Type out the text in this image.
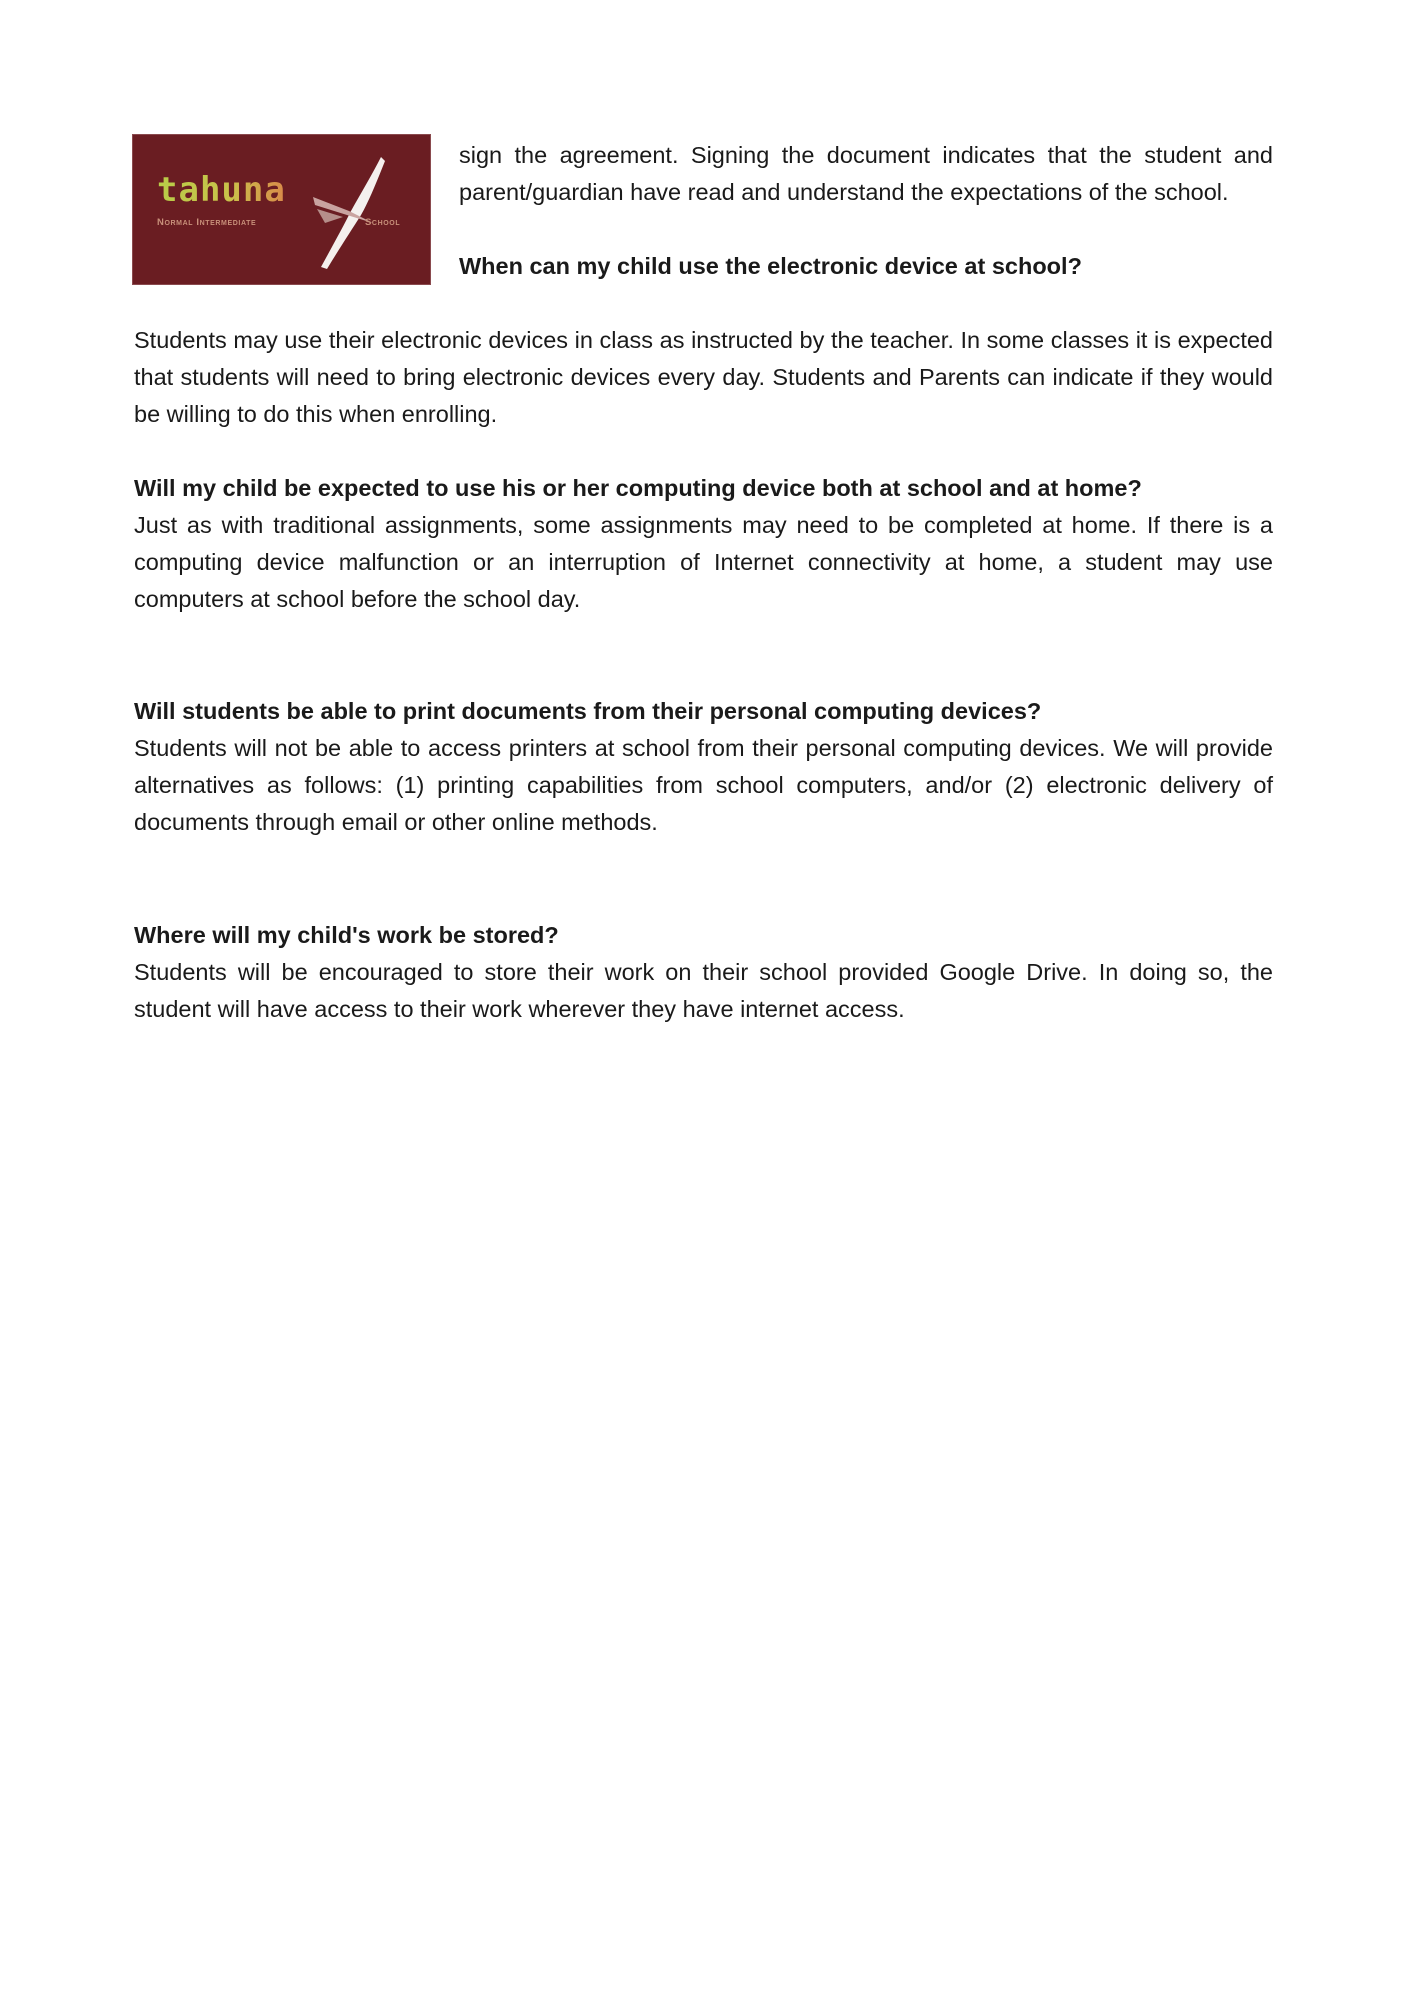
tahuna
Normal Intermediate	School

sign the agreement. Signing the document indicates that the student and parent/guardian have read and understand the expectations of the school.

When can my child use the electronic device at school?

Students may use their electronic devices in class as instructed by the teacher. In some classes it is expected that students will need to bring electronic devices every day. Students and Parents can indicate if they would be willing to do this when enrolling.

Will my child be expected to use his or her computing device both at school and at home?

Just as with traditional assignments, some assignments may need to be completed at home. If there is a computing device malfunction or an interruption of Internet connectivity at home, a student may use computers at school before the school day.

Will students be able to print documents from their personal computing devices?

Students will not be able to access printers at school from their personal computing devices. We will provide alternatives as follows: (1) printing capabilities from school computers, and/or (2) electronic delivery of documents through email or other online methods.

Where will my child's work be stored?

Students will be encouraged to store their work on their school provided Google Drive. In doing so, the student will have access to their work wherever they have internet access.
